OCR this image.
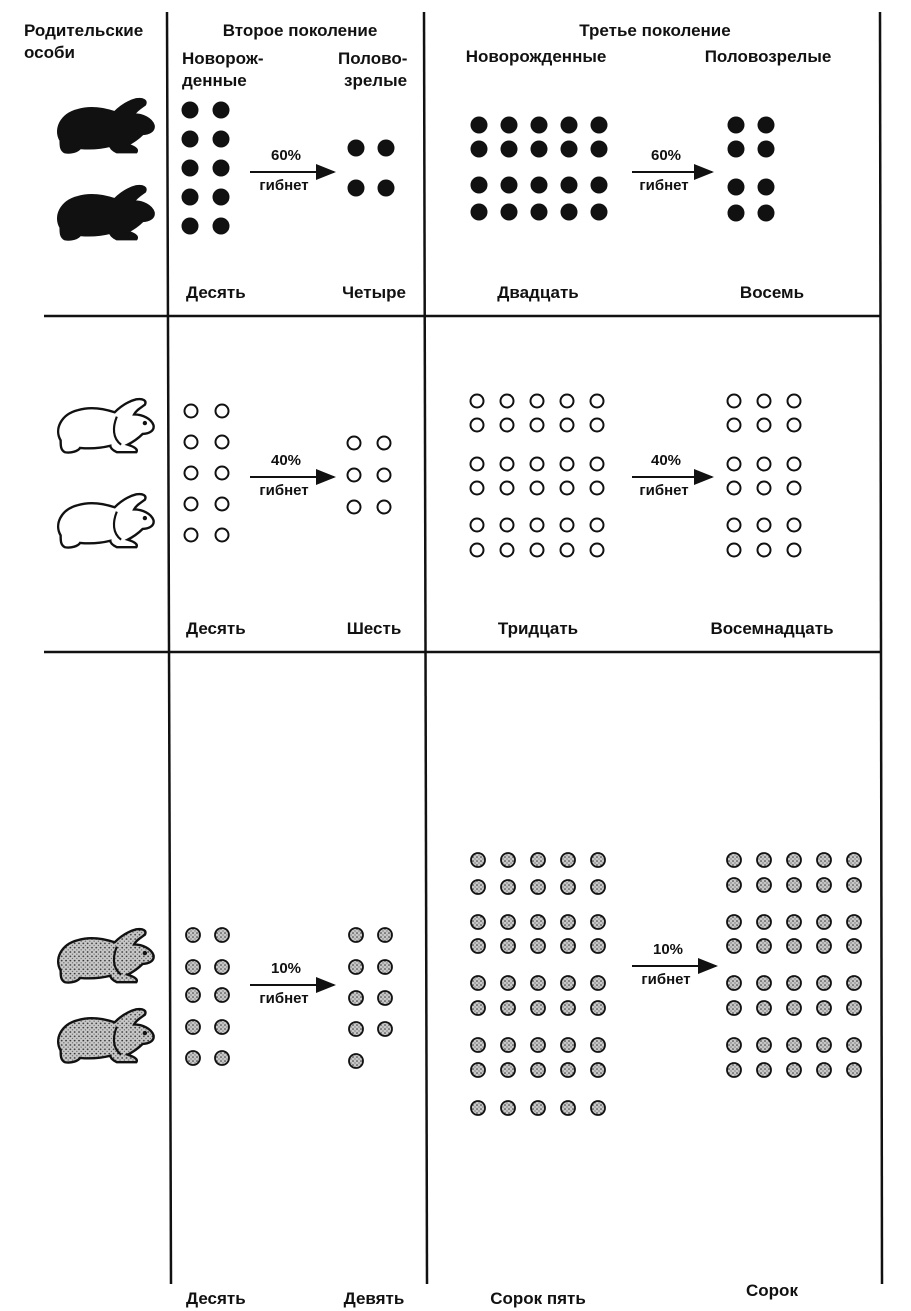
Родительские
особи
Второе поколение	Третье поколение
Новорож-
денные
Полово-
зрелые
Новорожденные	Половозрелые
60%
гибнет
60%
гибнет
Десять	Четыре	Двадцать	Восемь
40%
гибнет
40%
гибнет
Десять	Шесть	Тридцать	Восемнадцать
10%
гибнет
10%
гибнет
Десять	Девять	Сорок пять	Сорок
